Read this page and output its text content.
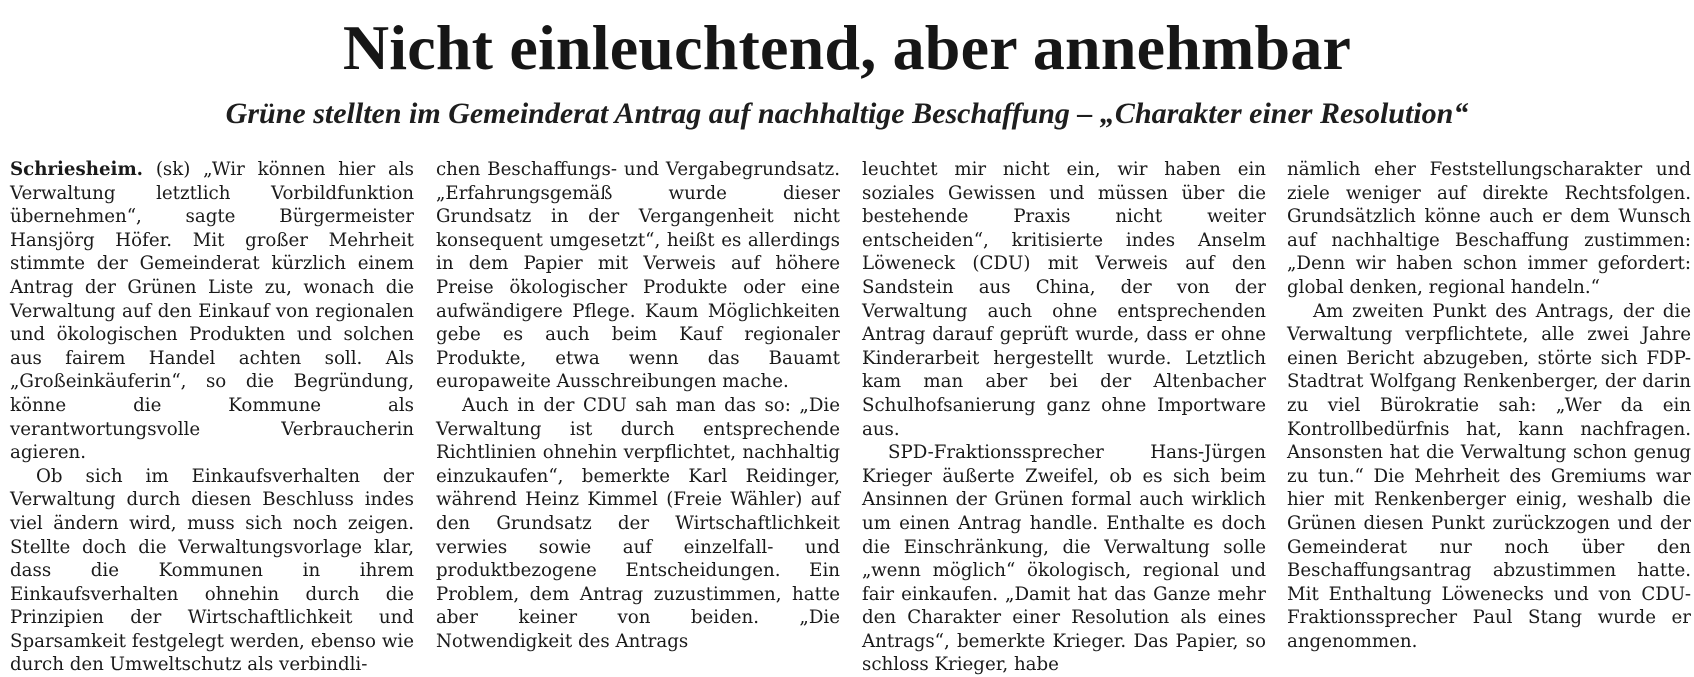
Nicht einleuchtend, aber annehmbar
Grüne stellten im Gemeinderat Antrag auf nachhaltige Beschaffung – „Charakter einer Resolution“

Schriesheim. (sk) „Wir können hier als Verwaltung letztlich Vorbildfunktion übernehmen“, sagte Bürgermeister Hansjörg Höfer. Mit großer Mehrheit stimmte der Gemeinderat kürzlich einem Antrag der Grünen Liste zu, wonach die Verwaltung auf den Einkauf von regionalen und ökologischen Produkten und solchen aus fairem Handel achten soll. Als „Großeinkäuferin“, so die Begründung, könne die Kommune als verantwortungsvolle Verbraucherin agieren.

Ob sich im Einkaufsverhalten der Verwaltung durch diesen Beschluss indes viel ändern wird, muss sich noch zeigen. Stellte doch die Verwaltungsvorlage klar, dass die Kommunen in ihrem Einkaufsverhalten ohnehin durch die Prinzipien der Wirtschaftlichkeit und Sparsamkeit festgelegt werden, ebenso wie durch den Umweltschutz als verbindli-

chen Beschaffungs- und Vergabegrundsatz. „Erfahrungsgemäß wurde dieser Grundsatz in der Vergangenheit nicht konsequent umgesetzt“, heißt es allerdings in dem Papier mit Verweis auf höhere Preise ökologischer Produkte oder eine aufwändigere Pflege. Kaum Möglichkeiten gebe es auch beim Kauf regionaler Produkte, etwa wenn das Bauamt europaweite Ausschreibungen mache.

Auch in der CDU sah man das so: „Die Verwaltung ist durch entsprechende Richtlinien ohnehin verpflichtet, nachhaltig einzukaufen“, bemerkte Karl Reidinger, während Heinz Kimmel (Freie Wähler) auf den Grundsatz der Wirtschaftlichkeit verwies sowie auf einzelfall- und produktbezogene Entscheidungen. Ein Problem, dem Antrag zuzustimmen, hatte aber keiner von beiden. „Die Notwendigkeit des Antrags

leuchtet mir nicht ein, wir haben ein soziales Gewissen und müssen über die bestehende Praxis nicht weiter entscheiden“, kritisierte indes Anselm Löweneck (CDU) mit Verweis auf den Sandstein aus China, der von der Verwaltung auch ohne entsprechenden Antrag darauf geprüft wurde, dass er ohne Kinderarbeit hergestellt wurde. Letztlich kam man aber bei der Altenbacher Schulhofsanierung ganz ohne Importware aus.

SPD-Fraktionssprecher Hans-Jürgen Krieger äußerte Zweifel, ob es sich beim Ansinnen der Grünen formal auch wirklich um einen Antrag handle. Enthalte es doch die Einschränkung, die Verwaltung solle „wenn möglich“ ökologisch, regional und fair einkaufen. „Damit hat das Ganze mehr den Charakter einer Resolution als eines Antrags“, bemerkte Krieger. Das Papier, so schloss Krieger, habe

nämlich eher Feststellungscharakter und ziele weniger auf direkte Rechtsfolgen. Grundsätzlich könne auch er dem Wunsch auf nachhaltige Beschaffung zustimmen: „Denn wir haben schon immer gefordert: global denken, regional handeln.“

Am zweiten Punkt des Antrags, der die Verwaltung verpflichtete, alle zwei Jahre einen Bericht abzugeben, störte sich FDP-Stadtrat Wolfgang Renkenberger, der darin zu viel Bürokratie sah: „Wer da ein Kontrollbedürfnis hat, kann nachfragen. Ansonsten hat die Verwaltung schon genug zu tun.“ Die Mehrheit des Gremiums war hier mit Renkenberger einig, weshalb die Grünen diesen Punkt zurückzogen und der Gemeinderat nur noch über den Beschaffungsantrag abzustimmen hatte. Mit Enthaltung Löwenecks und von CDU-Fraktionssprecher Paul Stang wurde er angenommen.
